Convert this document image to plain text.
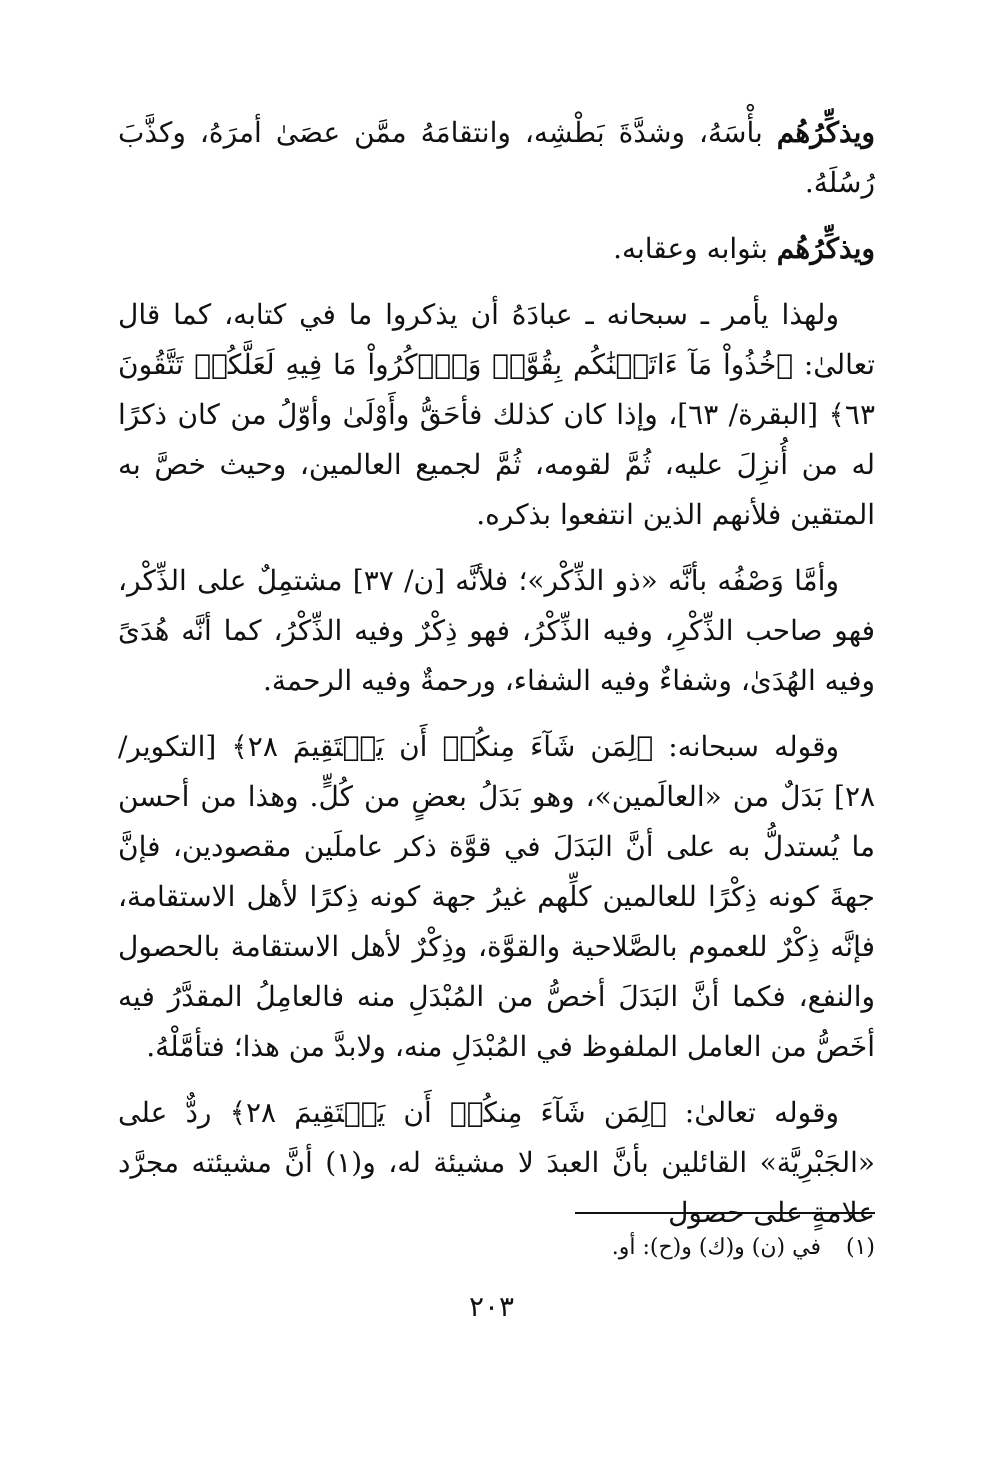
ويذكِّرُهُم بأْسَهُ، وشدَّةَ بَطْشِه، وانتقامَهُ ممَّن عصَىٰ أمرَهُ، وكذَّبَ رُسُلَهُ.

ويذكِّرُهُم بثوابه وعقابه.

ولهذا يأمر ـ سبحانه ـ عبادَهُ أن يذكروا ما في كتابه، كما قال تعالىٰ: ﴿خُذُواْ مَآ ءَاتَيۡنَٰكُم بِقُوَّةٖ وَٱذۡكُرُواْ مَا فِيهِ لَعَلَّكُمۡ تَتَّقُونَ ٦٣﴾ [البقرة/ ٦٣]، وإذا كان كذلك فأحَقُّ وأَوْلَىٰ وأوّلُ من كان ذكرًا له من أُنزِلَ عليه، ثُمَّ لقومه، ثُمَّ لجميع العالمين، وحيث خصَّ به المتقين فلأنهم الذين انتفعوا بذكره.

وأمَّا وَصْفُه بأنَّه «ذو الذِّكْر»؛ فلأنَّه [ن/ ٣٧] مشتمِلٌ على الذِّكْر، فهو صاحب الذِّكْرِ، وفيه الذِّكْرُ، فهو ذِكْرٌ وفيه الذِّكْرُ، كما أنَّه هُدَىً وفيه الهُدَىٰ، وشفاءٌ وفيه الشفاء، ورحمةٌ وفيه الرحمة.

وقوله سبحانه: ﴿لِمَن شَآءَ مِنكُمۡ أَن يَسۡتَقِيمَ ٢٨﴾ [التكوير/ ٢٨] بَدَلٌ من «العالَمين»، وهو بَدَلُ بعضٍ من كُلٍّ. وهذا من أحسن ما يُستدلُّ به على أنَّ البَدَلَ في قوَّة ذكر عاملَين مقصودين، فإنَّ جهةَ كونه ذِكْرًا للعالمين كلِّهم غيرُ جهة كونه ذِكرًا لأهل الاستقامة، فإنَّه ذِكْرٌ للعموم بالصَّلاحية والقوَّة، وذِكْرٌ لأهل الاستقامة بالحصول والنفع، فكما أنَّ البَدَلَ أخصُّ من المُبْدَلِ منه فالعامِلُ المقدَّرُ فيه أخَصُّ من العامل الملفوظ في المُبْدَلِ منه، ولابدَّ من هذا؛ فتأمَّلْهُ.

وقوله تعالىٰ: ﴿لِمَن شَآءَ مِنكُمۡ أَن يَسۡتَقِيمَ ٢٨﴾ ردٌّ على «الجَبْرِيَّة» القائلين بأنَّ العبدَ لا مشيئة له، و(١) أنَّ مشيئته مجرَّد علامةٍ على حصول

(١) في (ن) و(ك) و(ح): أو.
٢٠٣
